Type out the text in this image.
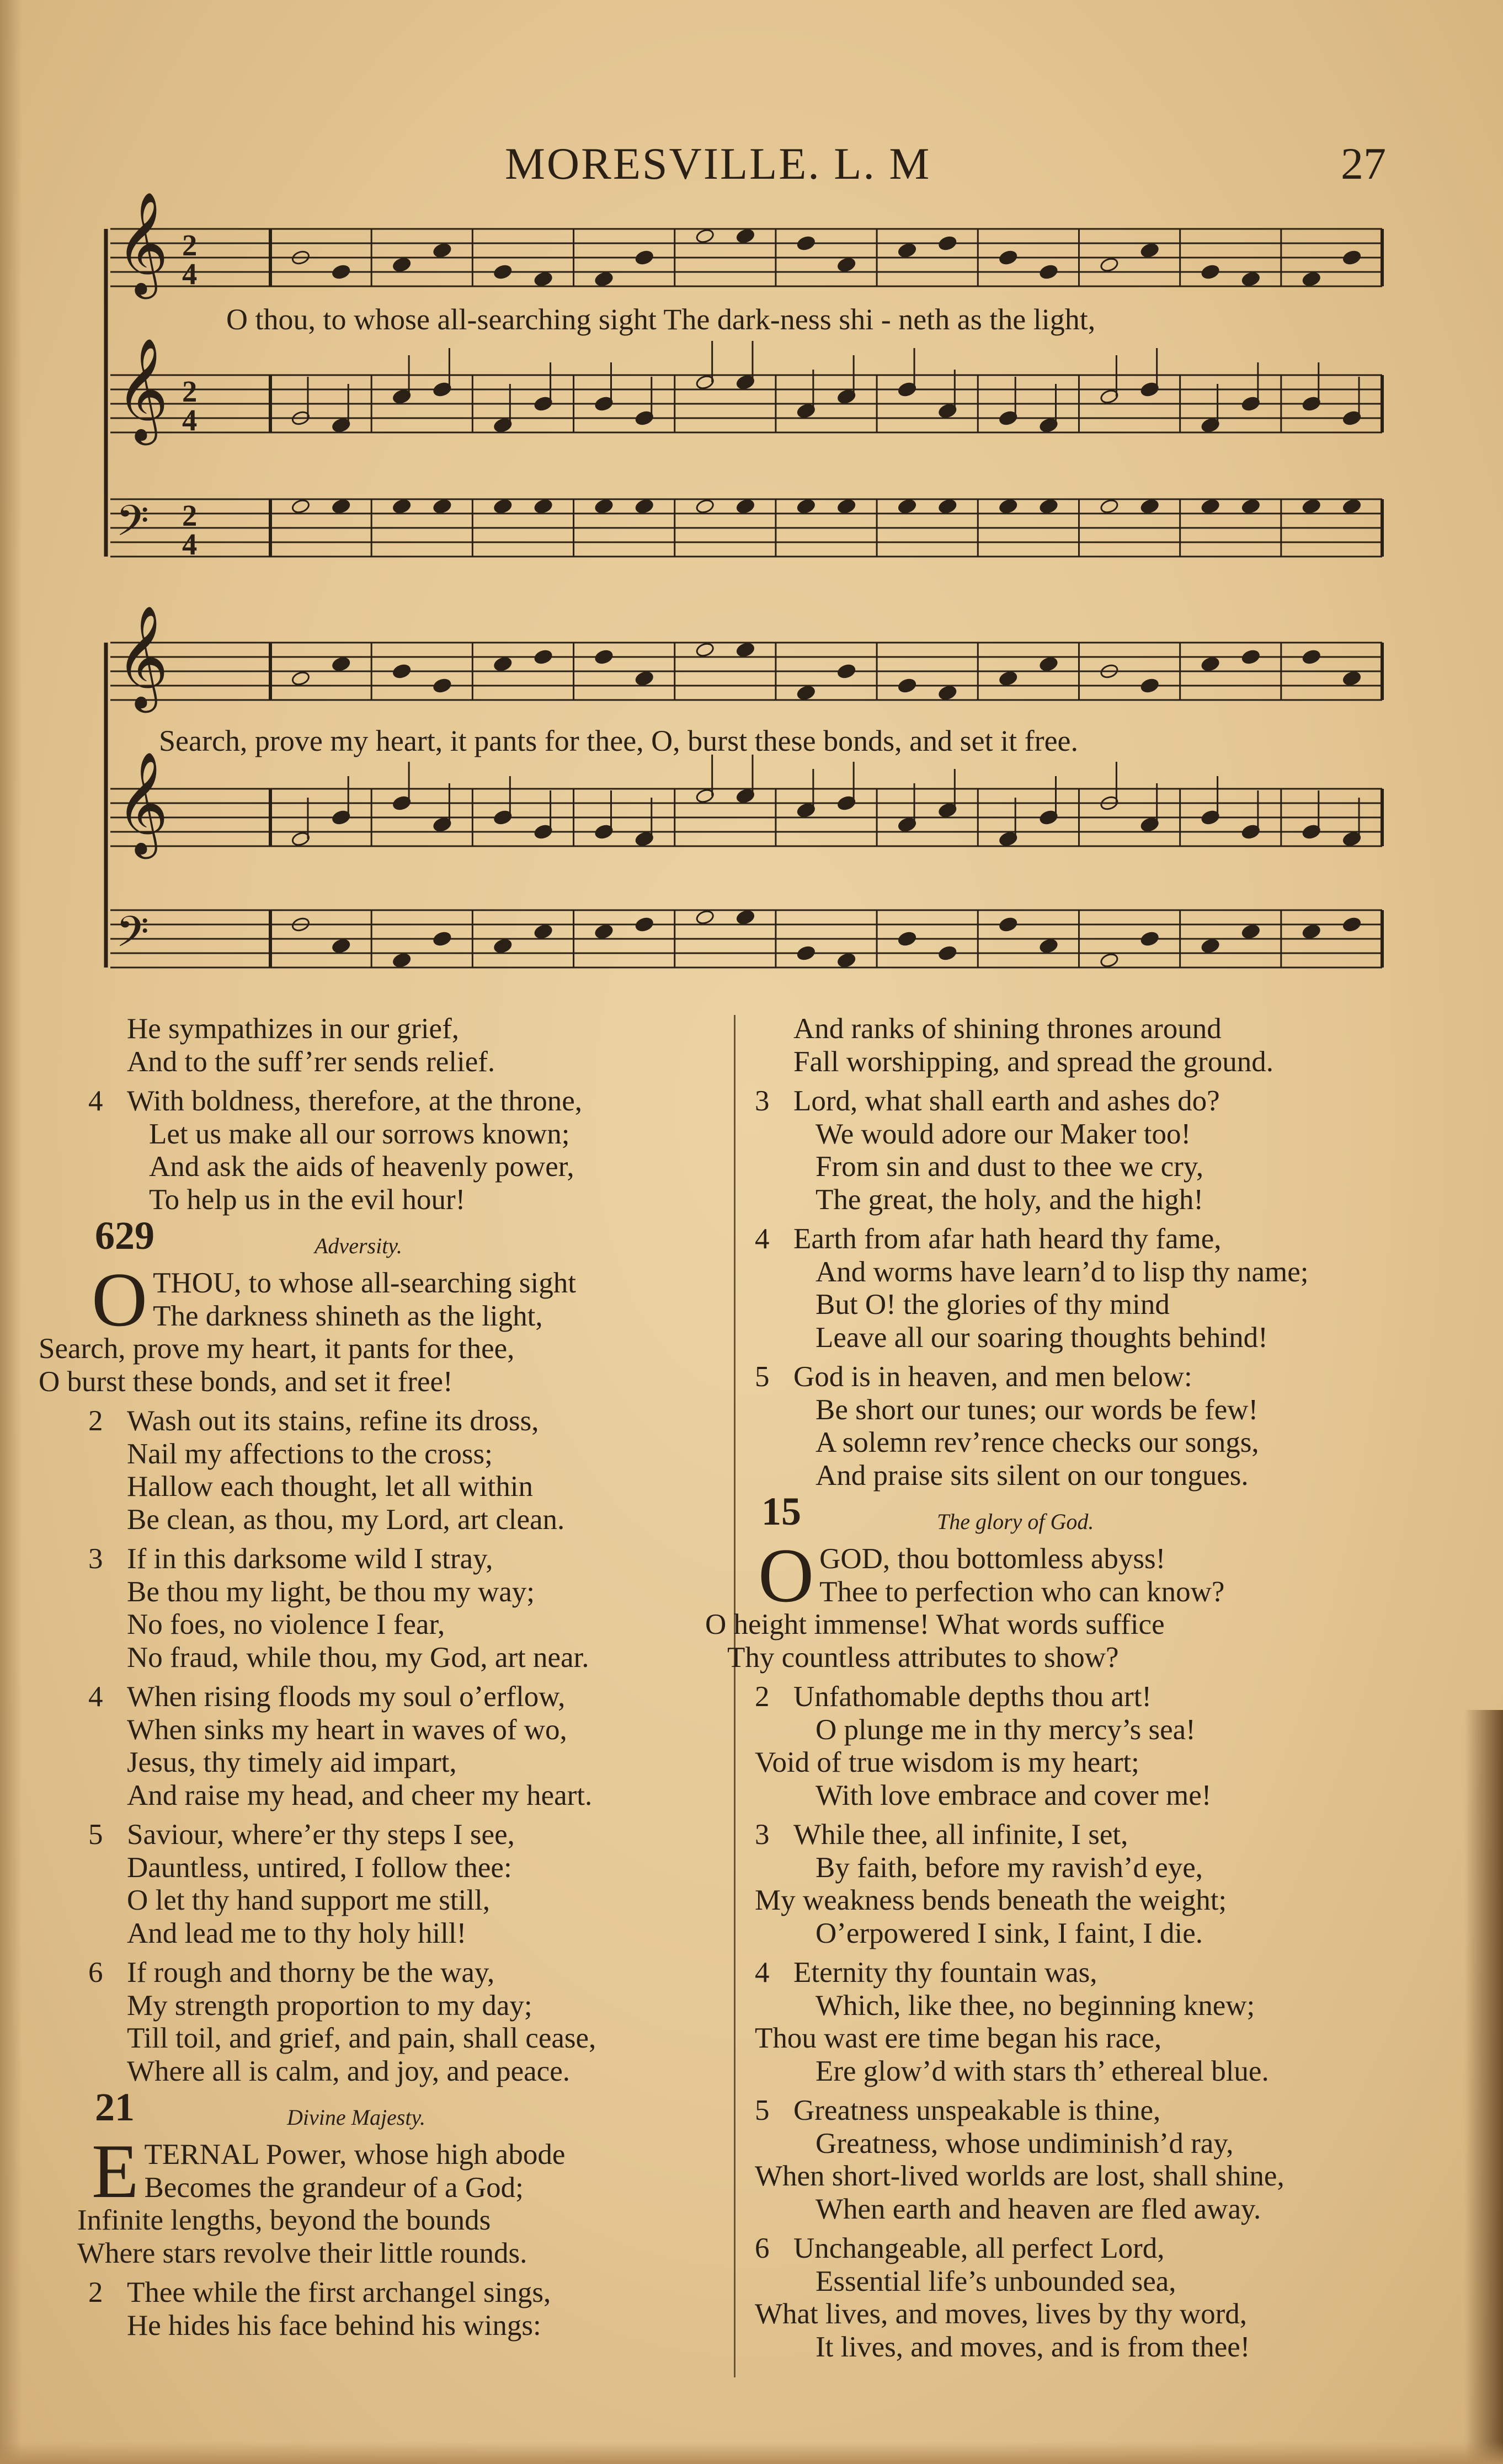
MORESVILLE. L. M	27
𝄞 2
4
𝄞 2
4
𝄢 2
4
𝄞
𝄞
𝄢
O thou, to whose all-searching sight The dark-ness shi - neth as the light,
Search, prove my heart, it pants for thee, O, burst these bonds, and set it free.
He sympathizes in our grief,
And to the suff’rer sends relief.
4 With boldness, therefore, at the throne,
Let us make all our sorrows known;
And ask the aids of heavenly power,
To help us in the evil hour!
629	Adversity.
O THOU, to whose all-searching sight
The darkness shineth as the light,
Search, prove my heart, it pants for thee,
O burst these bonds, and set it free!
2 Wash out its stains, refine its dross,
Nail my affections to the cross;
Hallow each thought, let all within
Be clean, as thou, my Lord, art clean.
3 If in this darksome wild I stray,
Be thou my light, be thou my way;
No foes, no violence I fear,
No fraud, while thou, my God, art near.
4 When rising floods my soul o’erflow,
When sinks my heart in waves of wo,
Jesus, thy timely aid impart,
And raise my head, and cheer my heart.
5 Saviour, where’er thy steps I see,
Dauntless, untired, I follow thee:
O let thy hand support me still,
And lead me to thy holy hill!
6 If rough and thorny be the way,
My strength proportion to my day;
Till toil, and grief, and pain, shall cease,
Where all is calm, and joy, and peace.
21	Divine Majesty.
E TERNAL Power, whose high abode
Becomes the grandeur of a God;
Infinite lengths, beyond the bounds
Where stars revolve their little rounds.
2 Thee while the first archangel sings,
He hides his face behind his wings:
And ranks of shining thrones around
Fall worshipping, and spread the ground.
3 Lord, what shall earth and ashes do?
We would adore our Maker too!
From sin and dust to thee we cry,
The great, the holy, and the high!
4 Earth from afar hath heard thy fame,
And worms have learn’d to lisp thy name;
But O! the glories of thy mind
Leave all our soaring thoughts behind!
5 God is in heaven, and men below:
Be short our tunes; our words be few!
A solemn rev’rence checks our songs,
And praise sits silent on our tongues.
15	The glory of God.
O GOD, thou bottomless abyss!
Thee to perfection who can know?
O height immense! What words suffice
Thy countless attributes to show?
2 Unfathomable depths thou art!
O plunge me in thy mercy’s sea!
Void of true wisdom is my heart;
With love embrace and cover me!
3 While thee, all infinite, I set,
By faith, before my ravish’d eye,
My weakness bends beneath the weight;
O’erpowered I sink, I faint, I die.
4 Eternity thy fountain was,
Which, like thee, no beginning knew;
Thou wast ere time began his race,
Ere glow’d with stars th’ ethereal blue.
5 Greatness unspeakable is thine,
Greatness, whose undiminish’d ray,
When short-lived worlds are lost, shall shine,
When earth and heaven are fled away.
6 Unchangeable, all perfect Lord,
Essential life’s unbounded sea,
What lives, and moves, lives by thy word,
It lives, and moves, and is from thee!
